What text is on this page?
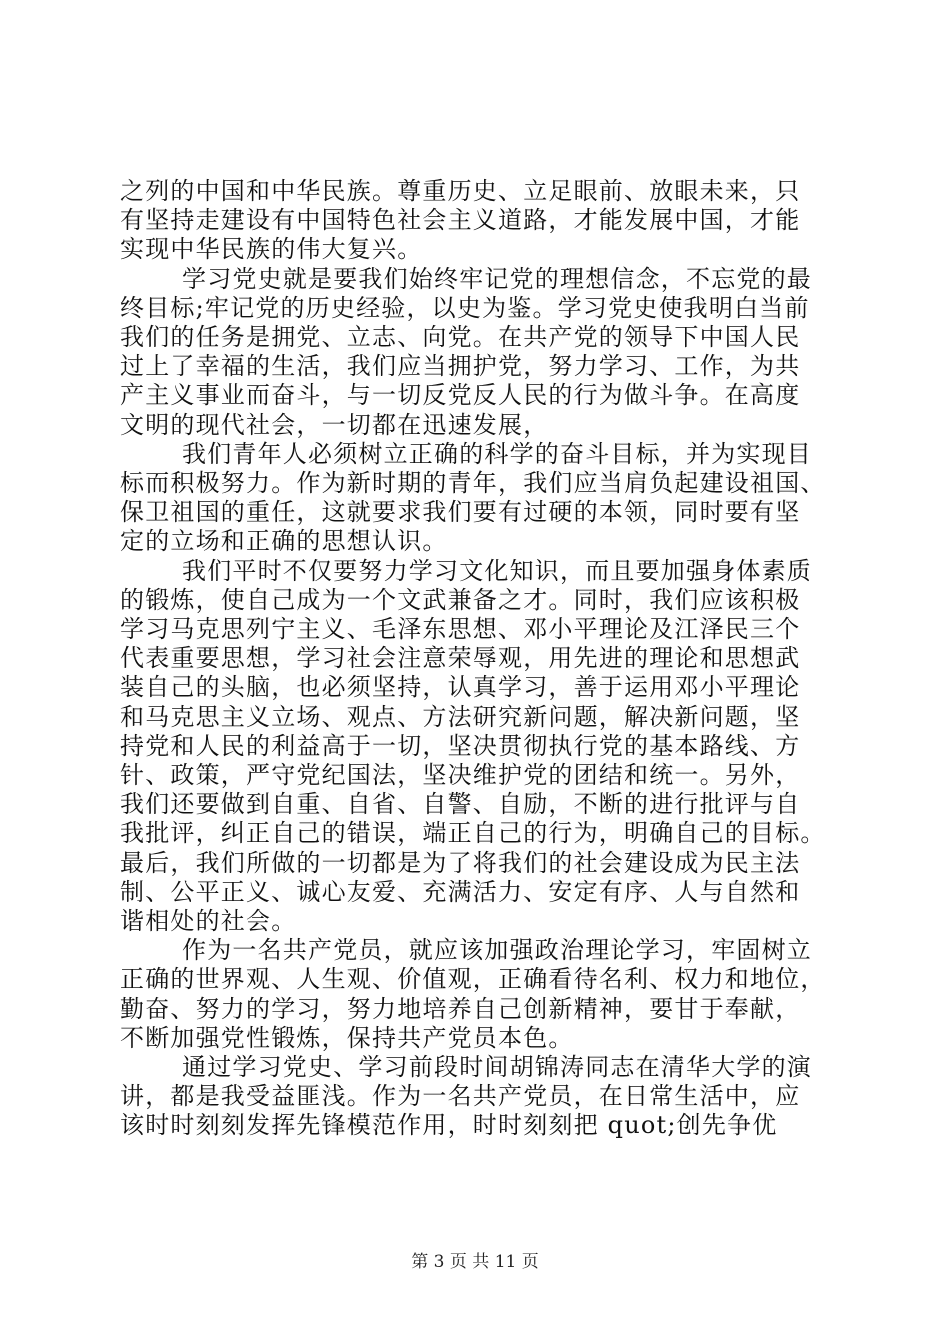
之列的中国和中华民族。尊重历史、立足眼前、放眼未来，只
有坚持走建设有中国特色社会主义道路，才能发展中国，才能
实现中华民族的伟大复兴。
学习党史就是要我们始终牢记党的理想信念，不忘党的最
终目标;牢记党的历史经验，以史为鉴。学习党史使我明白当前
我们的任务是拥党、立志、向党。在共产党的领导下中国人民
过上了幸福的生活，我们应当拥护党，努力学习、工作，为共
产主义事业而奋斗，与一切反党反人民的行为做斗争。在高度
文明的现代社会，一切都在迅速发展，
我们青年人必须树立正确的科学的奋斗目标，并为实现目
标而积极努力。作为新时期的青年，我们应当肩负起建设祖国、
保卫祖国的重任，这就要求我们要有过硬的本领，同时要有坚
定的立场和正确的思想认识。
我们平时不仅要努力学习文化知识，而且要加强身体素质
的锻炼，使自己成为一个文武兼备之才。同时，我们应该积极
学习马克思列宁主义、毛泽东思想、邓小平理论及江泽民三个
代表重要思想，学习社会注意荣辱观，用先进的理论和思想武
装自己的头脑，也必须坚持，认真学习，善于运用邓小平理论
和马克思主义立场、观点、方法研究新问题，解决新问题，坚
持党和人民的利益高于一切，坚决贯彻执行党的基本路线、方
针、政策，严守党纪国法，坚决维护党的团结和统一。另外，
我们还要做到自重、自省、自警、自励，不断的进行批评与自
我批评，纠正自己的错误，端正自己的行为，明确自己的目标。
最后，我们所做的一切都是为了将我们的社会建设成为民主法
制、公平正义、诚心友爱、充满活力、安定有序、人与自然和
谐相处的社会。
作为一名共产党员，就应该加强政治理论学习，牢固树立
正确的世界观、人生观、价值观，正确看待名利、权力和地位，
勤奋、努力的学习，努力地培养自己创新精神，要甘于奉献，
不断加强党性锻炼，保持共产党员本色。
通过学习党史、学习前段时间胡锦涛同志在清华大学的演
讲，都是我受益匪浅。作为一名共产党员，在日常生活中，应
该时时刻刻发挥先锋模范作用，时时刻刻把 quot;创先争优
第 3 页 共 11 页
